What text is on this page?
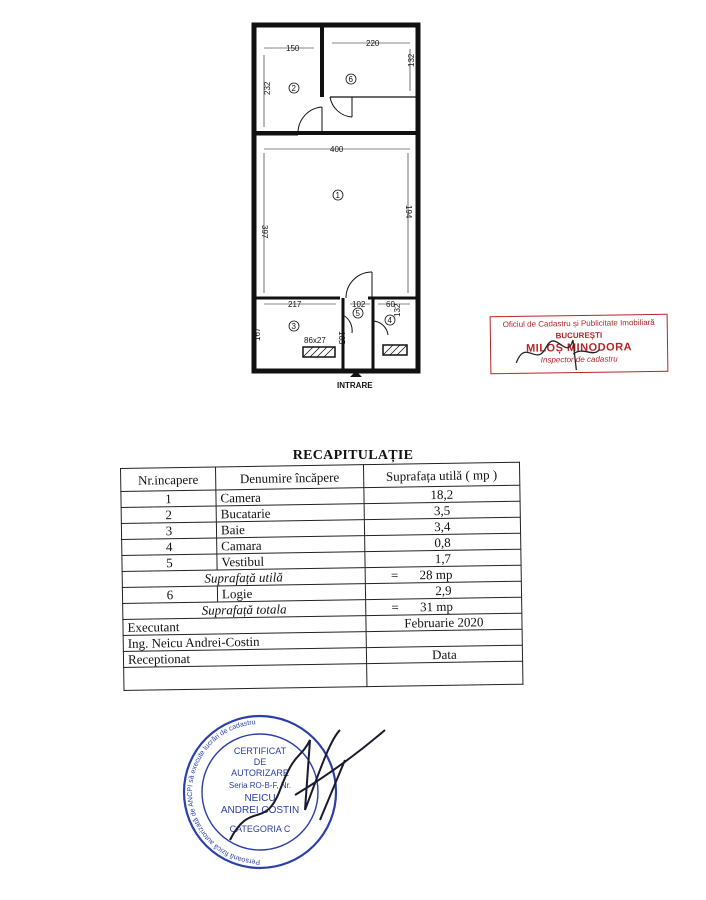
150
220
232
132
400
194
397
217	102	60
167	165
132
86x27
2
6
1
3
5
4
INTRARE
Oficiul de Cadastru și Publicitate Imobiliară
BUCUREȘTI
MILOȘ MINODORA
Inspector de cadastru
RECAPITULAȚIE
Nr.incapere	Denumire încăpere	Suprafața utilă ( mp )
1	Camera	18,2
2	Bucatarie	3,5
3	Baie	3,4
4	Camara	0,8
5	Vestibul	1,7
Suprafață utilă		= 28 mp
6	Logie	2,9
Suprafață totala		= 31 mp
Executant		Februarie 2020
Ing. Neicu Andrei-Costin		
Receptionat		Data

Persoană fizică autorizată de ANCPI să execute lucrări de cadastru
CERTIFICAT
DE
AUTORIZARE
Seria RO-B-F, Nr.
NEICU
ANDREI COSTIN
CATEGORIA C
